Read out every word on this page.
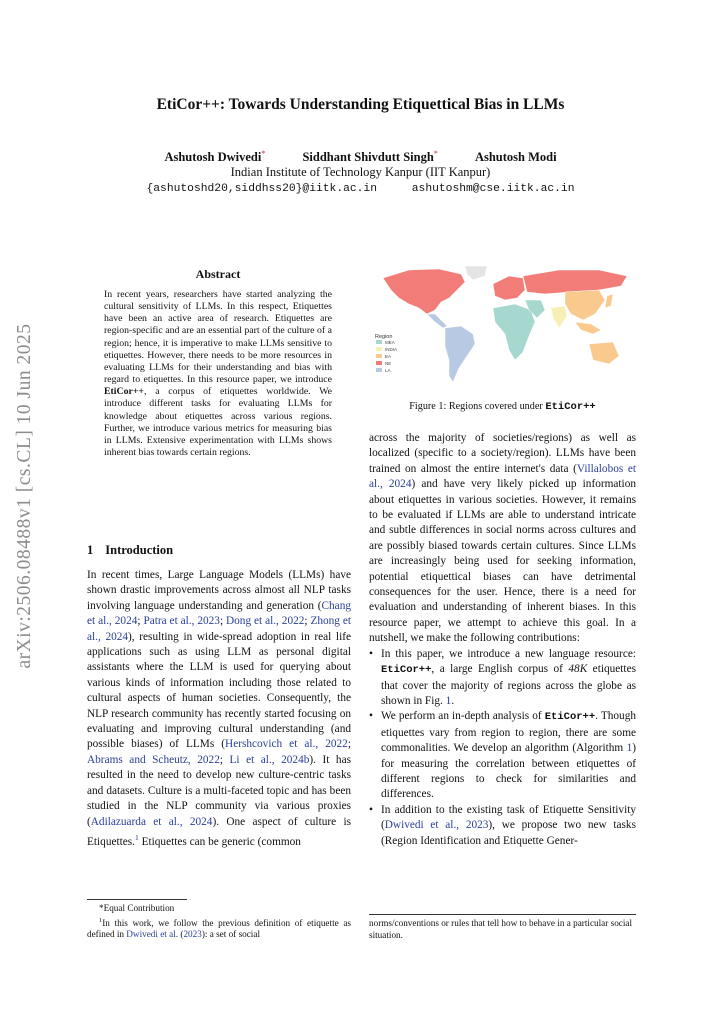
arXiv:2506.08488v1 [cs.CL] 10 Jun 2025
EtiCor++: Towards Understanding Etiquettical Bias in LLMs
Ashutosh Dwivedi*	Siddhant Shivdutt Singh*	Ashutosh Modi
Indian Institute of Technology Kanpur (IIT Kanpur)
{ashutoshd20,siddhss20}@iitk.ac.in	ashutoshm@cse.iitk.ac.in
Abstract
In recent years, researchers have started analyzing the cultural sensitivity of LLMs. In this respect, Etiquettes have been an active area of research. Etiquettes are region-specific and are an essential part of the culture of a region; hence, it is imperative to make LLMs sensitive to etiquettes. However, there needs to be more resources in evaluating LLMs for their understanding and bias with regard to etiquettes. In this resource paper, we introduce EtiCor++, a corpus of etiquettes worldwide. We introduce different tasks for evaluating LLMs for knowledge about etiquettes across various regions. Further, we introduce various metrics for measuring bias in LLMs. Extensive experimentation with LLMs shows inherent bias towards certain regions.
1 Introduction
In recent times, Large Language Models (LLMs) have shown drastic improvements across almost all NLP tasks involving language understanding and generation (Chang et al., 2024; Patra et al., 2023; Dong et al., 2022; Zhong et al., 2024), resulting in wide-spread adoption in real life applications such as using LLM as personal digital assistants where the LLM is used for querying about various kinds of information including those related to cultural aspects of human societies. Consequently, the NLP research community has recently started focusing on evaluating and improving cultural understanding (and possible biases) of LLMs (Hershcovich et al., 2022; Abrams and Scheutz, 2022; Li et al., 2024b). It has resulted in the need to develop new culture-centric tasks and datasets. Culture is a multi-faceted topic and has been studied in the NLP community via various proxies (Adilazuarda et al., 2024). One aspect of culture is Etiquettes.$^1$ Etiquettes can be generic (common
Region
MEA
INDIA
EA
NE
LA
Figure 1: Regions covered under EtiCor++
across the majority of societies/regions) as well as localized (specific to a society/region). LLMs have been trained on almost the entire internet's data (Villalobos et al., 2024) and have very likely picked up information about etiquettes in various societies. However, it remains to be evaluated if LLMs are able to understand intricate and subtle differences in social norms across cultures and are possibly biased towards certain cultures. Since LLMs are increasingly being used for seeking information, potential etiquettical biases can have detrimental consequences for the user. Hence, there is a need for evaluation and understanding of inherent biases. In this resource paper, we attempt to achieve this goal. In a nutshell, we make the following contributions:
• In this paper, we introduce a new language resource: EtiCor++, a large English corpus of 48K etiquettes that cover the majority of regions across the globe as shown in Fig. 1.
• We perform an in-depth analysis of EtiCor++. Though etiquettes vary from region to region, there are some commonalities. We develop an algorithm (Algorithm 1) for measuring the correlation between etiquettes of different regions to check for similarities and differences.
• In addition to the existing task of Etiquette Sensitivity (Dwivedi et al., 2023), we propose two new tasks (Region Identification and Etiquette Gener-
*Equal Contribution
$^1$In this work, we follow the previous definition of etiquette as defined in Dwivedi et al. (2023): a set of social
norms/conventions or rules that tell how to behave in a particular social situation.
